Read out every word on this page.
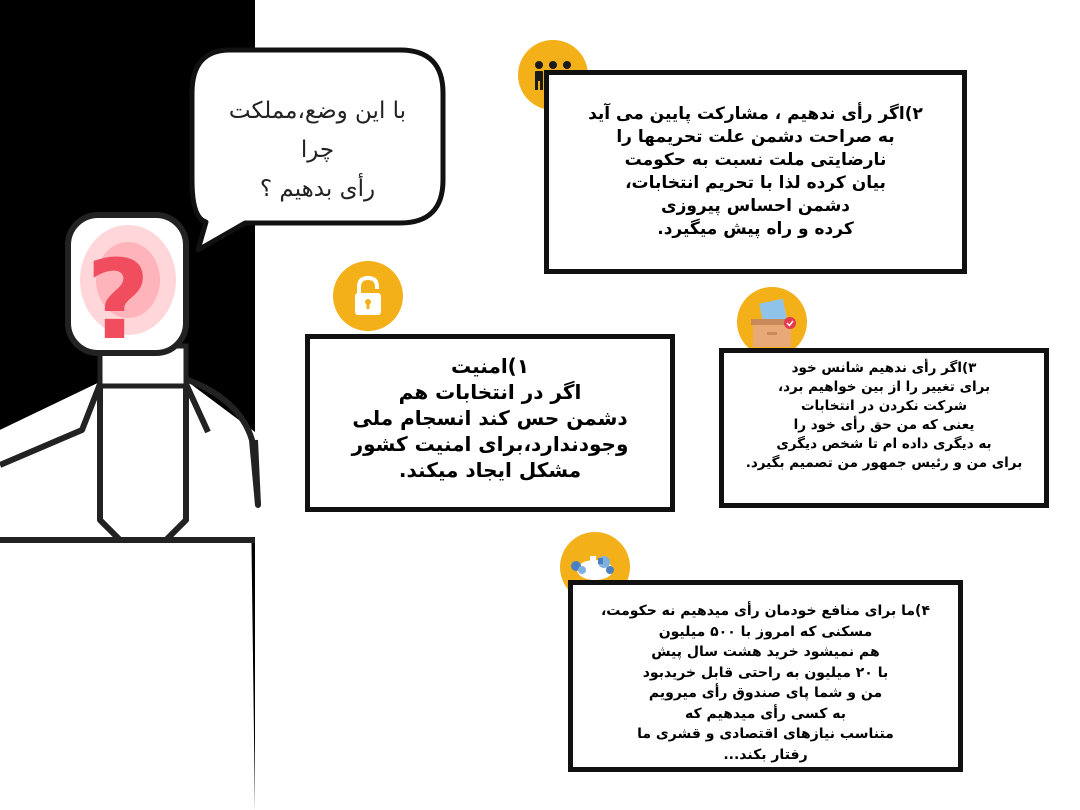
?
با این وضع،مملکت
چرا
رأی بدهیم ؟
۲)اگر رأی ندهیم ، مشارکت پایین می آید
به صراحت دشمن علت تحریمها را
نارضایتی ملت نسبت به حکومت
بیان کرده لذا با تحریم انتخابات،
دشمن احساس پیروزی
کرده و راه پیش میگیرد.
۱)امنیت
اگر در انتخابات هم
دشمن حس کند انسجام ملی
وجودندارد،برای امنیت کشور
مشکل ایجاد میکند.
۳)اگر رأی ندهیم شانس خود
برای تغییر را از بین خواهیم برد،
شرکت نکردن در انتخابات
یعنی که من حق رأی خود را
به دیگری داده ام تا شخص دیگری
برای من و رئیس جمهور من تصمیم بگیرد.
۴)ما برای منافع خودمان رأی میدهیم نه حکومت،
مسکنی که امروز با ۵۰۰ میلیون
هم نمیشود خرید هشت سال پیش
با ۲۰ میلیون به راحتی قابل خریدبود
من و شما پای صندوق رأی میرویم
به کسی رأی میدهیم که
متناسب نیازهای اقتصادی و قشری ما
رفتار بکند...
سازمان فضای مجازی سراج
سازمان فضای مجازی سراج
مرکز فارس
